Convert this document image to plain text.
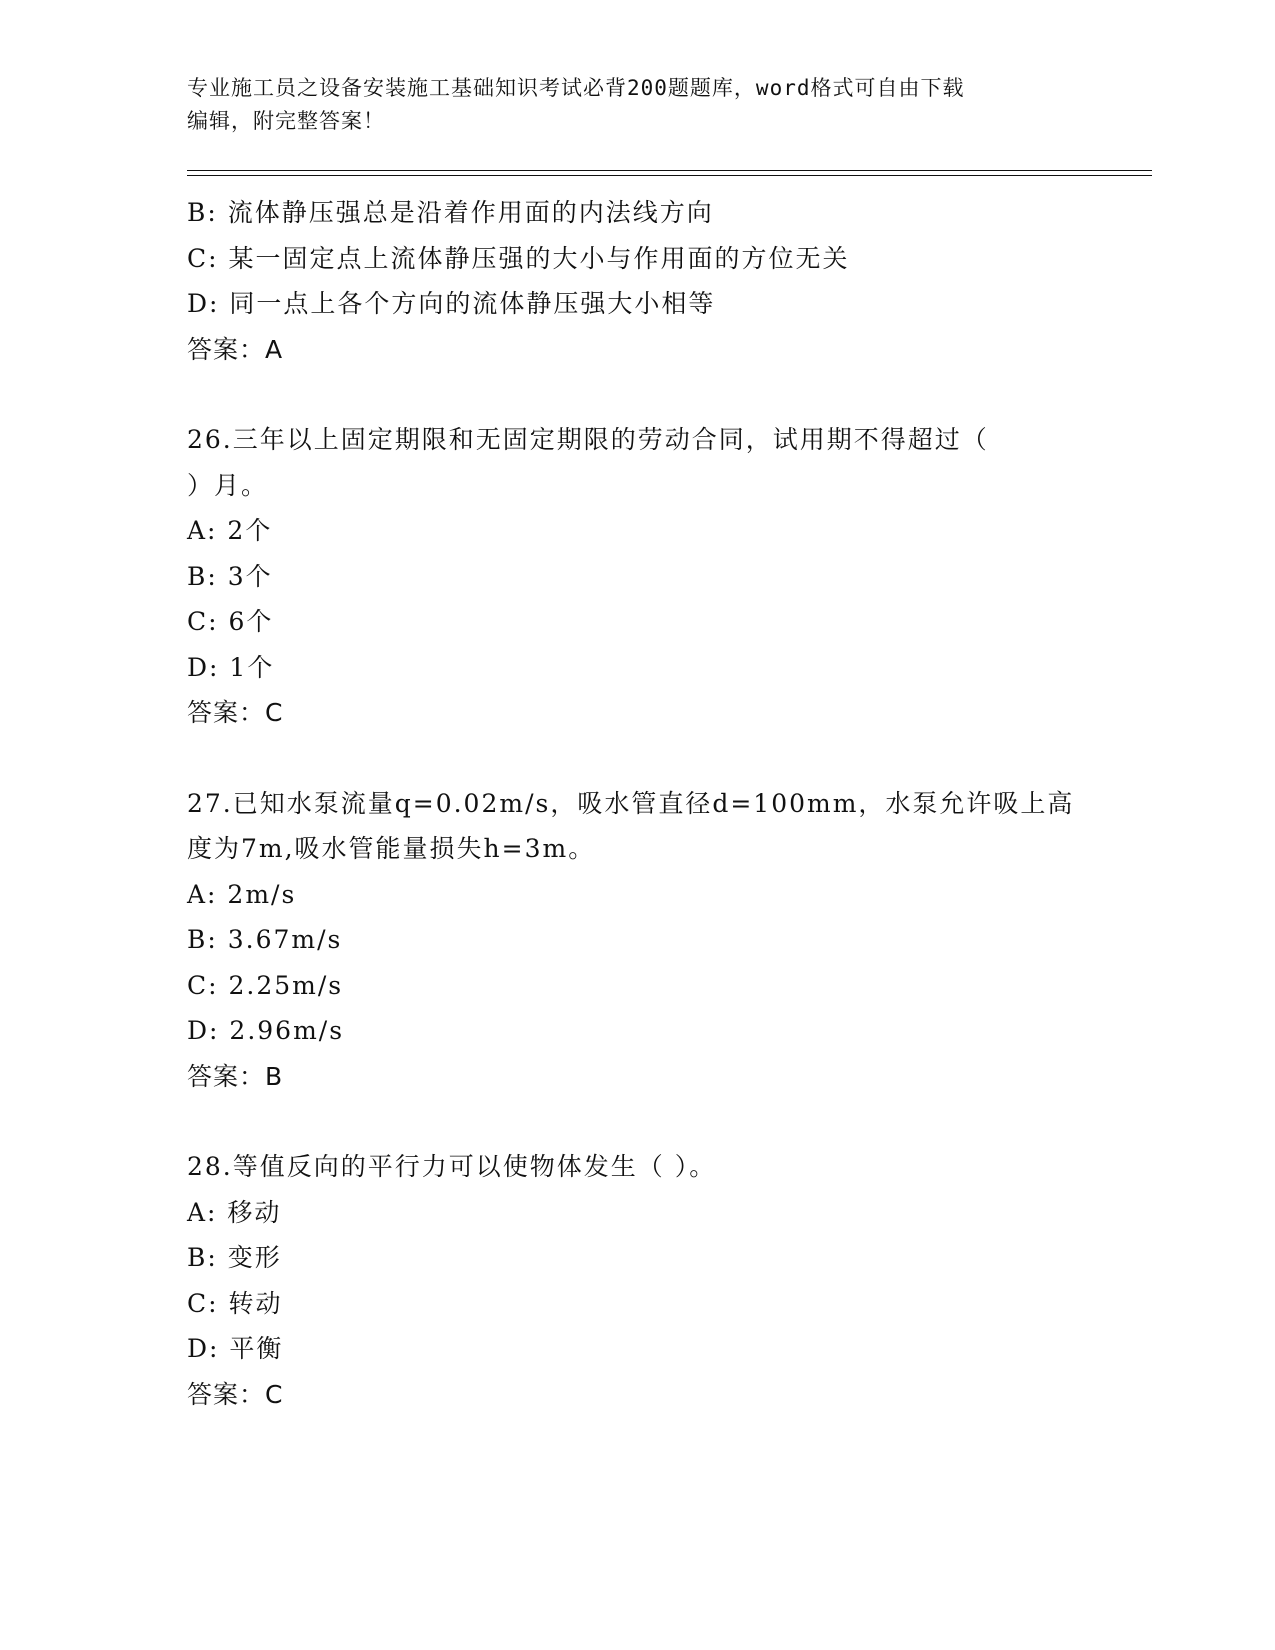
专业施工员之设备安装施工基础知识考试必背200题题库，word格式可自由下载
编辑，附完整答案！
B: 流体静压强总是沿着作用面的内法线方向
C: 某一固定点上流体静压强的大小与作用面的方位无关
D: 同一点上各个方向的流体静压强大小相等
答案：A
26.三年以上固定期限和无固定期限的劳动合同，试用期不得超过（
）月。
A: 2个
B: 3个
C: 6个
D: 1个
答案：C
27.已知水泵流量q=0.02m/s，吸水管直径d=100mm，水泵允许吸上高
度为7m,吸水管能量损失h=3m。
A: 2m/s
B: 3.67m/s
C: 2.25m/s
D: 2.96m/s
答案：B
28.等值反向的平行力可以使物体发生（ ）。
A: 移动
B: 变形
C: 转动
D: 平衡
答案：C
